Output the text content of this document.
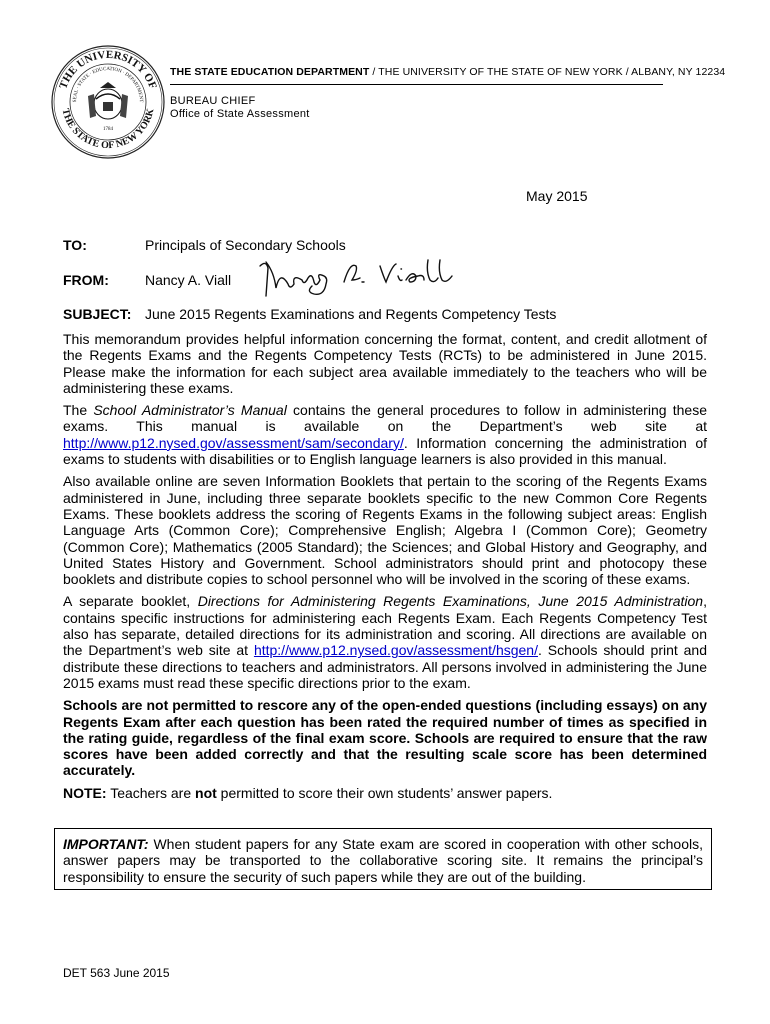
THE UNIVERSITY OF
THE STATE OF NEW YORK
SEAL · STATE · EDUCATION · DEPARTMENT
1784
THE STATE EDUCATION DEPARTMENT / THE UNIVERSITY OF THE STATE OF NEW YORK / ALBANY, NY 12234
BUREAU CHIEF
Office of State Assessment
May 2015
TO:	Principals of Secondary Schools
FROM:	Nancy A. Viall
SUBJECT: June 2015 Regents Examinations and Regents Competency Tests

This memorandum provides helpful information concerning the format, content, and credit allotment of the Regents Exams and the Regents Competency Tests (RCTs) to be administered in June 2015. Please make the information for each subject area available immediately to the teachers who will be administering these exams.

The School Administrator’s Manual contains the general procedures to follow in administering these exams. This manual is available on the Department’s web site at http://www.p12.nysed.gov/assessment/sam/secondary/. Information concerning the administration of exams to students with disabilities or to English language learners is also provided in this manual.

Also available online are seven Information Booklets that pertain to the scoring of the Regents Exams administered in June, including three separate booklets specific to the new Common Core Regents Exams. These booklets address the scoring of Regents Exams in the following subject areas: English Language Arts (Common Core); Comprehensive English; Algebra I (Common Core); Geometry (Common Core); Mathematics (2005 Standard); the Sciences; and Global History and Geography, and United States History and Government. School administrators should print and photocopy these booklets and distribute copies to school personnel who will be involved in the scoring of these exams.

A separate booklet, Directions for Administering Regents Examinations, June 2015 Administration, contains specific instructions for administering each Regents Exam. Each Regents Competency Test also has separate, detailed directions for its administration and scoring. All directions are available on the Department’s web site at http://www.p12.nysed.gov/assessment/hsgen/. Schools should print and distribute these directions to teachers and administrators. All persons involved in administering the June 2015 exams must read these specific directions prior to the exam.

Schools are not permitted to rescore any of the open-ended questions (including essays) on any Regents Exam after each question has been rated the required number of times as specified in the rating guide, regardless of the final exam score. Schools are required to ensure that the raw scores have been added correctly and that the resulting scale score has been determined accurately.

NOTE: Teachers are not permitted to score their own students’ answer papers.

IMPORTANT: When student papers for any State exam are scored in cooperation with other schools, answer papers may be transported to the collaborative scoring site. It remains the principal’s responsibility to ensure the security of such papers while they are out of the building.
DET 563 June 2015
